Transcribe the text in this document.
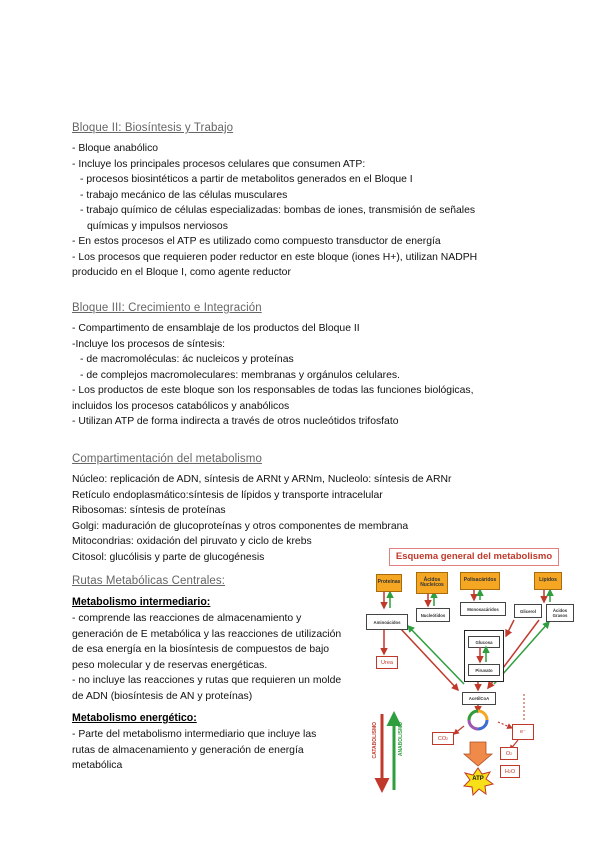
Bloque II: Biosíntesis y Trabajo
- Bloque anabólico
- Incluye los principales procesos celulares que consumen ATP:
- procesos biosintéticos a partir de metabolitos generados en el Bloque I
- trabajo mecánico de las células musculares
- trabajo químico de células especializadas: bombas de iones, transmisión de señales
químicas y impulsos nerviosos
- En estos procesos el ATP es utilizado como compuesto transductor de energía
- Los procesos que requieren poder reductor en este bloque (iones H+), utilizan NADPH
producido en el Bloque I, como agente reductor
Bloque III: Crecimiento e Integración
- Compartimento de ensamblaje de los productos del Bloque II
-Incluye los procesos de síntesis:
- de macromoléculas: ác nucleicos y proteínas
- de complejos macromoleculares: membranas y orgánulos celulares.
- Los productos de este bloque son los responsables de todas las funciones biológicas,
incluidos los procesos catabólicos y anabólicos
- Utilizan ATP de forma indirecta a través de otros nucleótidos trifosfato
Compartimentación del metabolismo
Núcleo: replicación de ADN, síntesis de ARNt y ARNm, Nucleolo: síntesis de ARNr
Retículo endoplasmático:síntesis de lípidos y transporte intracelular
Ribosomas: síntesis de proteínas
Golgi: maduración de glucoproteínas y otros componentes de membrana
Mitocondrias: oxidación del piruvato y ciclo de krebs
Citosol: glucólisis y parte de glucogénesis
Rutas Metabólicas Centrales:
Metabolismo intermediario:
- comprende las reacciones de almacenamiento y
generación de E metabólica y las reacciones de utilización
de esa energía en la biosíntesis de compuestos de bajo
peso molecular y de reservas energéticas.
- no incluye las reacciones y rutas que requieren un molde
de ADN (biosíntesis de AN y proteínas)
Metabolismo energético:
- Parte del metabolismo intermediario que incluye las
rutas de almacenamiento y generación de energía
metabólica
Esquema general del metabolismo
Proteínas	Ácidos Nucleicos
Polisacáridos	Lípidos
Aminoácidos
Nucleótidos
Monosacáridos	Glicerol	Ácidos Grasos
Glucosa
Piruvato
AcetilCoA
Urea
CO 2
e⁻
O 2
H 2 O
ATP
CATABOLISMO	ANABOLISMO
